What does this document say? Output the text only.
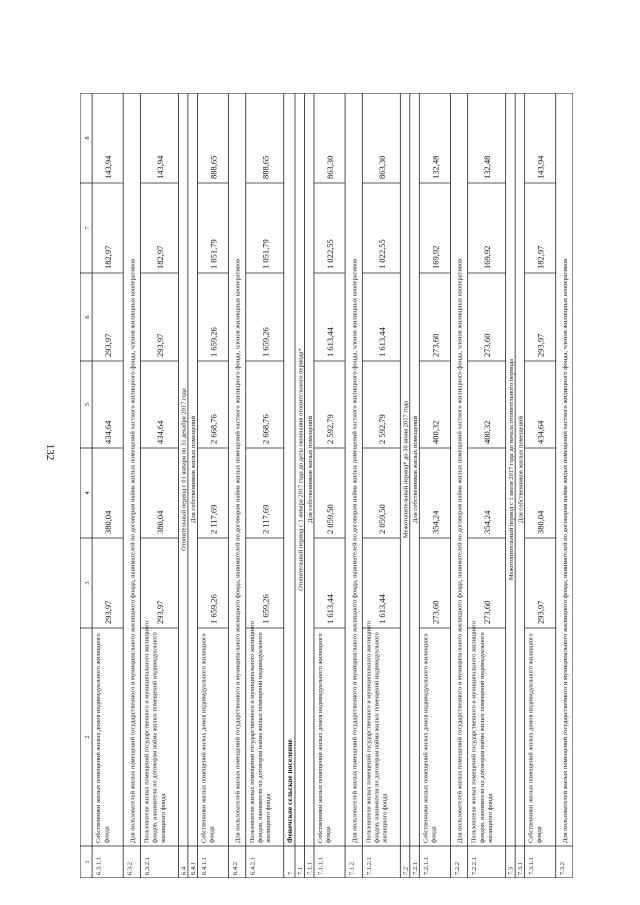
132
1
2
3
4
5
6
7
8
6.3.1.1
Собственники жилых помещений жилых домов индивидуального жилищного фонда
293,97
380,04
434,64
293,97
182,97
143,94
6.3.2
Для пользователей жилых помещений государственного и муниципального жилищного фонда, нанимателей по договорам найма жилых помещений частного жилищного фонда, членов жилищных кооперативов
6.3.2.1
Пользователи жилых помещений государственного и муниципального жилищного фондов, наниматели по договорам найма жилых помещений индивидуального жилищного фонда
293,97
380,04
434,64
293,97
182,97
143,94
6.4
Отопительный период с 01 января по 31 декабря 2017 года
6.4.1
Для собственников жилых помещений
6.4.1.1
Собственники жилых помещений жилых домов индивидуального жилищного фонда
1 659,26
2 117,69
2 668,76
1 659,26
1 051,79
888,65
6.4.2
Для пользователей жилых помещений государственного и муниципального жилищного фонда, нанимателей по договорам найма жилых помещений частного жилищного фонда, членов жилищных кооперативов
6.4.2.1
Пользователи жилых помещений государственного и муниципального жилищного фондов, наниматели по договорам найма жилых помещений индивидуального жилищного фонда
1 659,26
2 117,69
2 668,76
1 659,26
1 051,79
888,65
7
Фенечское сельское поселение
7.1
Отопительный период с 1 января 2017 года до даты окончания отопительного периода*
7.1.1
Для собственников жилых помещений
7.1.1.1
Собственники жилых помещений жилых домов индивидуального жилищного фонда
1 613,44
2 059,50
2 592,79
1 613,44
1 022,55
863,30
7.1.2
Для пользователей жилых помещений государственного и муниципального жилищного фонда, нанимателей по договорам найма жилых помещений частного жилищного фонда, членов жилищных кооперативов
7.1.2.1
Пользователи жилых помещений государственного и муниципального жилищного фондов, наниматели по договорам найма жилых помещений индивидуального жилищного фонда
1 613,44
2 059,50
2 592,79
1 613,44
1 022,55
863,30
7.2
Межотопительный период* до 30 июня 2017 года
7.2.1
Для собственников жилых помещений
7.2.1.1
Собственники жилых помещений жилых домов индивидуального жилищного фонда
273,60
354,24
400,32
273,60
169,92
132,48
7.2.2
Для пользователей жилых помещений государственного и муниципального жилищного фонда, нанимателей по договорам найма жилых помещений частного жилищного фонда, членов жилищных кооперативов
7.2.2.1
Пользователи жилых помещений государственного и муниципального жилищного фондов, наниматели по договорам найма жилых помещений индивидуального жилищного фонда
273,60
354,24
400,32
273,60
169,92
132,48
7.3
Межотопительный период с 1 июля 2017 года до начала отопительного периода
7.3.1
Для собственников жилых помещений
7.3.1.1
Собственники жилых помещений жилых домов индивидуального жилищного фонда
293,97
380,04
434,64
293,97
182,97
143,94
7.3.2
Для пользователей жилых помещений государственного и муниципального жилищного фонда, нанимателей по договорам найма жилых помещений частного жилищного фонда, членов жилищных кооперативов
